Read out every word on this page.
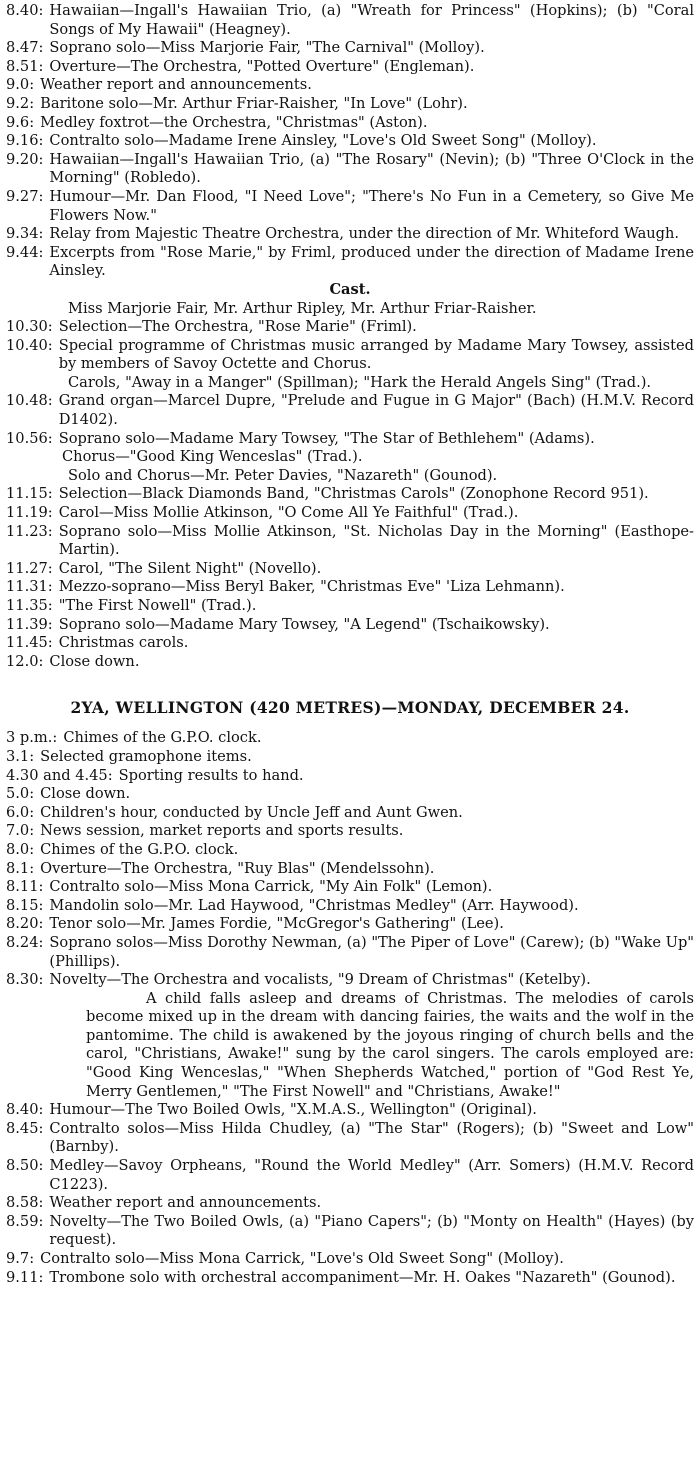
8.40: Hawaiian—Ingall's Hawaiian Trio, (a) "Wreath for Princess" (Hopkins); (b) "Coral Songs of My Hawaii" (Heagney).
8.47: Soprano solo—Miss Marjorie Fair, "The Carnival" (Molloy).
8.51: Overture—The Orchestra, "Potted Overture" (Engleman).
9.0: Weather report and announcements.
9.2: Baritone solo—Mr. Arthur Friar-Raisher, "In Love" (Lohr).
9.6: Medley foxtrot—the Orchestra, "Christmas" (Aston).
9.16: Contralto solo—Madame Irene Ainsley, "Love's Old Sweet Song" (Molloy).
9.20: Hawaiian—Ingall's Hawaiian Trio, (a) "The Rosary" (Nevin); (b) "Three O'Clock in the Morning" (Robledo).
9.27: Humour—Mr. Dan Flood, "I Need Love"; "There's No Fun in a Cemetery, so Give Me Flowers Now."
9.34: Relay from Majestic Theatre Orchestra, under the direction of Mr. Whiteford Waugh.
9.44: Excerpts from "Rose Marie," by Friml, produced under the direction of Madame Irene Ainsley.
Cast.
Miss Marjorie Fair, Mr. Arthur Ripley, Mr. Arthur Friar-Raisher.
10.30: Selection—The Orchestra, "Rose Marie" (Friml).
10.40: Special programme of Christmas music arranged by Madame Mary Towsey, assisted by members of Savoy Octette and Chorus.
Carols, "Away in a Manger" (Spillman); "Hark the Herald Angels Sing" (Trad.).
10.48: Grand organ—Marcel Dupre, "Prelude and Fugue in G Major" (Bach) (H.M.V. Record D1402).
10.56: Soprano solo—Madame Mary Towsey, "The Star of Bethlehem" (Adams).
Chorus—"Good King Wenceslas" (Trad.).
Solo and Chorus—Mr. Peter Davies, "Nazareth" (Gounod).
11.15: Selection—Black Diamonds Band, "Christmas Carols" (Zonophone Record 951).
11.19: Carol—Miss Mollie Atkinson, "O Come All Ye Faithful" (Trad.).
11.23: Soprano solo—Miss Mollie Atkinson, "St. Nicholas Day in the Morning" (Easthope-Martin).
11.27: Carol, "The Silent Night" (Novello).
11.31: Mezzo-soprano—Miss Beryl Baker, "Christmas Eve" 'Liza Lehmann).
11.35: "The First Nowell" (Trad.).
11.39: Soprano solo—Madame Mary Towsey, "A Legend" (Tschaikowsky).
11.45: Christmas carols.
12.0: Close down.
2YA, WELLINGTON (420 METRES)—MONDAY, DECEMBER 24.
3 p.m.: Chimes of the G.P.O. clock.
3.1: Selected gramophone items.
4.30 and 4.45: Sporting results to hand.
5.0: Close down.
6.0: Children's hour, conducted by Uncle Jeff and Aunt Gwen.
7.0: News session, market reports and sports results.
8.0: Chimes of the G.P.O. clock.
8.1: Overture—The Orchestra, "Ruy Blas" (Mendelssohn).
8.11: Contralto solo—Miss Mona Carrick, "My Ain Folk" (Lemon).
8.15: Mandolin solo—Mr. Lad Haywood, "Christmas Medley" (Arr. Haywood).
8.20: Tenor solo—Mr. James Fordie, "McGregor's Gathering" (Lee).
8.24: Soprano solos—Miss Dorothy Newman, (a) "The Piper of Love" (Carew); (b) "Wake Up" (Phillips).
8.30: Novelty—The Orchestra and vocalists, "9 Dream of Christmas" (Ketelby).
A child falls asleep and dreams of Christmas. The melodies of carols become mixed up in the dream with dancing fairies, the waits and the wolf in the pantomime. The child is awakened by the joyous ringing of church bells and the carol, "Christians, Awake!" sung by the carol singers. The carols employed are: "Good King Wenceslas," "When Shepherds Watched," portion of "God Rest Ye, Merry Gentlemen," "The First Nowell" and "Christians, Awake!"
8.40: Humour—The Two Boiled Owls, "X.M.A.S., Wellington" (Original).
8.45: Contralto solos—Miss Hilda Chudley, (a) "The Star" (Rogers); (b) "Sweet and Low" (Barnby).
8.50: Medley—Savoy Orpheans, "Round the World Medley" (Arr. Somers) (H.M.V. Record C1223).
8.58: Weather report and announcements.
8.59: Novelty—The Two Boiled Owls, (a) "Piano Capers"; (b) "Monty on Health" (Hayes) (by request).
9.7: Contralto solo—Miss Mona Carrick, "Love's Old Sweet Song" (Molloy).
9.11: Trombone solo with orchestral accompaniment—Mr. H. Oakes "Nazareth" (Gounod).
